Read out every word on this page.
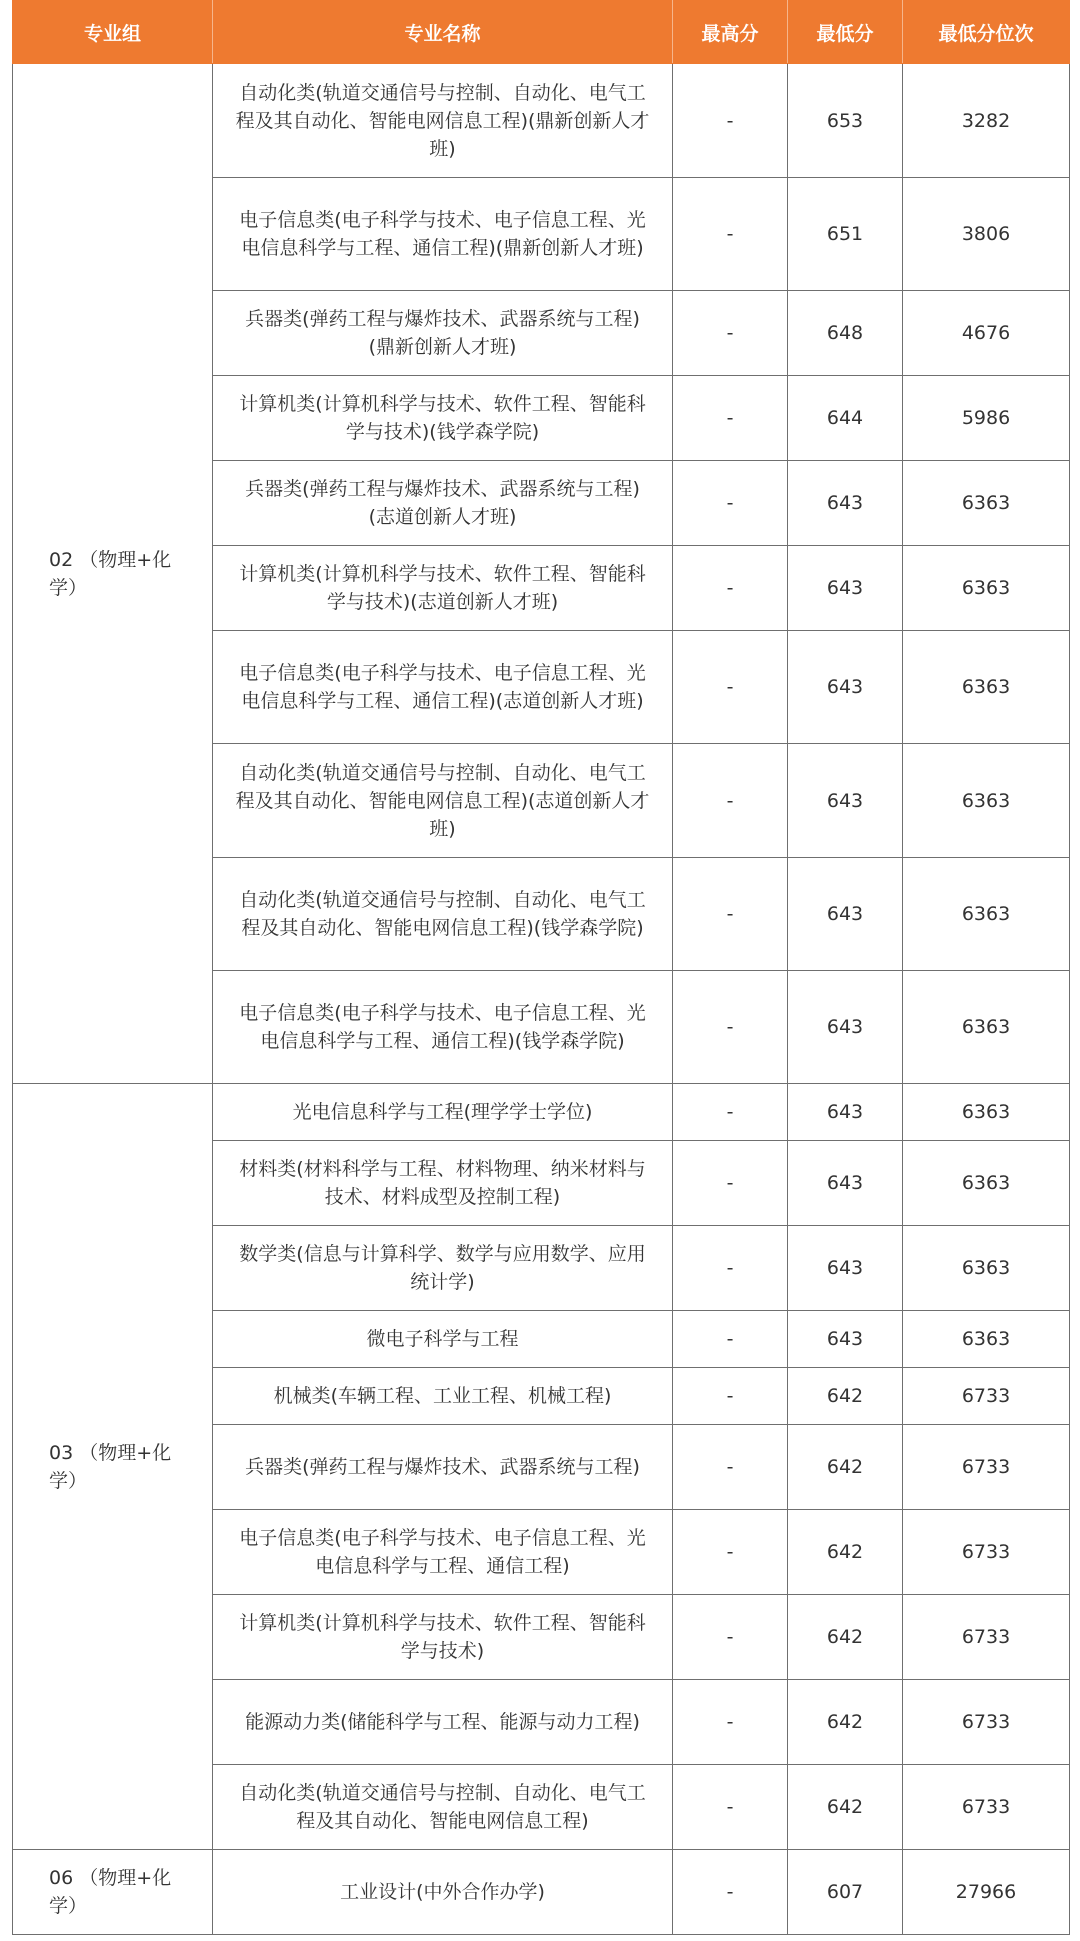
专业组	专业名称	最高分	最低分	最低分位次
02 （物理+化学）	自动化类(轨道交通信号与控制、自动化、电气工程及其自动化、智能电网信息工程)(鼎新创新人才班)	-	653	3282
	电子信息类(电子科学与技术、电子信息工程、光电信息科学与工程、通信工程)(鼎新创新人才班)	-	651	3806
	兵器类(弹药工程与爆炸技术、武器系统与工程)(鼎新创新人才班)	-	648	4676
	计算机类(计算机科学与技术、软件工程、智能科学与技术)(钱学森学院)	-	644	5986
	兵器类(弹药工程与爆炸技术、武器系统与工程)(志道创新人才班)	-	643	6363
	计算机类(计算机科学与技术、软件工程、智能科学与技术)(志道创新人才班)	-	643	6363
	电子信息类(电子科学与技术、电子信息工程、光电信息科学与工程、通信工程)(志道创新人才班)	-	643	6363
	自动化类(轨道交通信号与控制、自动化、电气工程及其自动化、智能电网信息工程)(志道创新人才班)	-	643	6363
	自动化类(轨道交通信号与控制、自动化、电气工程及其自动化、智能电网信息工程)(钱学森学院)	-	643	6363
	电子信息类(电子科学与技术、电子信息工程、光电信息科学与工程、通信工程)(钱学森学院)	-	643	6363
03 （物理+化学）	光电信息科学与工程(理学学士学位)	-	643	6363
	材料类(材料科学与工程、材料物理、纳米材料与技术、材料成型及控制工程)	-	643	6363
	数学类(信息与计算科学、数学与应用数学、应用统计学)	-	643	6363
	微电子科学与工程	-	643	6363
	机械类(车辆工程、工业工程、机械工程)	-	642	6733
	兵器类(弹药工程与爆炸技术、武器系统与工程)	-	642	6733
	电子信息类(电子科学与技术、电子信息工程、光电信息科学与工程、通信工程)	-	642	6733
	计算机类(计算机科学与技术、软件工程、智能科学与技术)	-	642	6733
	能源动力类(储能科学与工程、能源与动力工程)	-	642	6733
	自动化类(轨道交通信号与控制、自动化、电气工程及其自动化、智能电网信息工程)	-	642	6733
06 （物理+化学）	工业设计(中外合作办学)	-	607	27966
